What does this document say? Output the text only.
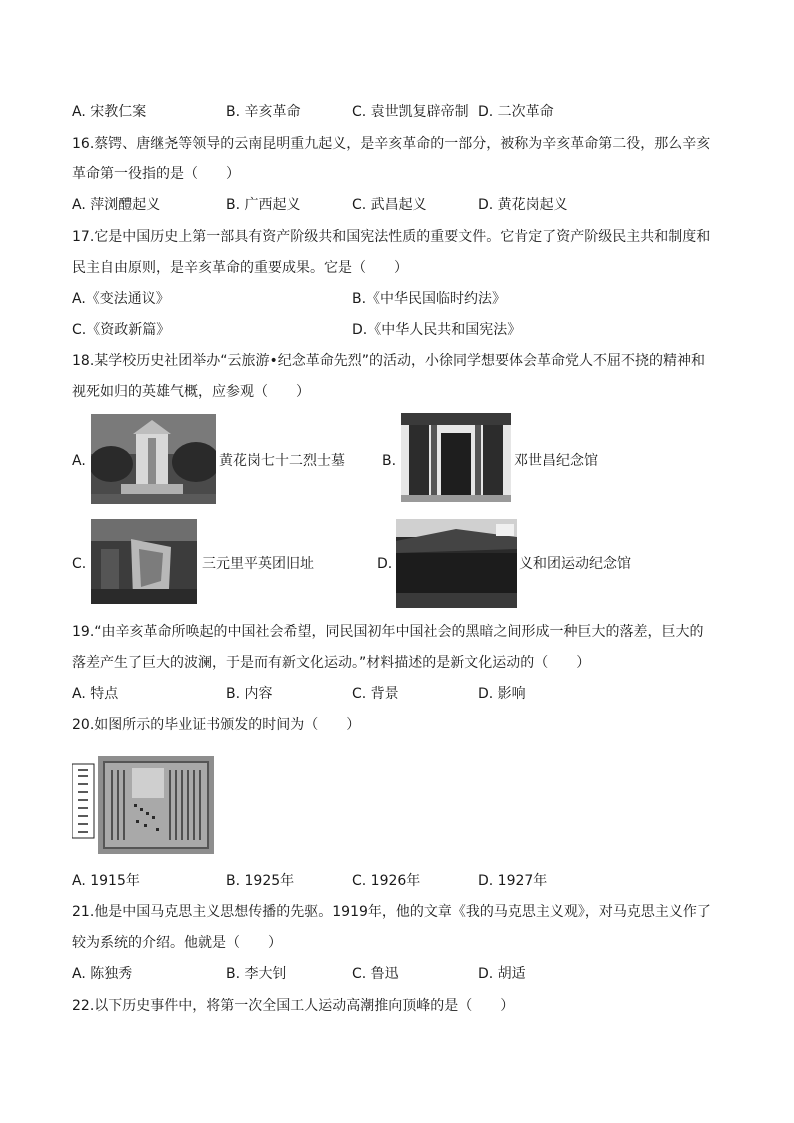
A. 宋教仁案	B. 辛亥革命	C. 袁世凯复辟帝制 D. 二次革命
16.蔡锷、唐继尧等领导的云南昆明重九起义，是辛亥革命的一部分，被称为辛亥革命第二役，那么辛亥
革命第一役指的是（　　）
A. 萍浏醴起义	B. 广西起义	C. 武昌起义	D. 黄花岗起义
17.它是中国历史上第一部具有资产阶级共和国宪法性质的重要文件。它肯定了资产阶级民主共和制度和
民主自由原则，是辛亥革命的重要成果。它是（　　）
A.《变法通议》	B.《中华民国临时约法》
C.《资政新篇》	D.《中华人民共和国宪法》
18.某学校历史社团举办“云旅游•纪念革命先烈”的活动，小徐同学想要体会革命党人不屈不挠的精神和
视死如归的英雄气概，应参观（　　）
A.	黄花岗七十二烈士墓	B.	邓世昌纪念馆
C.	三元里平英团旧址	D.	义和团运动纪念馆
19.“由辛亥革命所唤起的中国社会希望，同民国初年中国社会的黑暗之间形成一种巨大的落差，巨大的
落差产生了巨大的波澜，于是而有新文化运动。”材料描述的是新文化运动的（　　）
A. 特点	B. 内容	C. 背景	D. 影响
20.如图所示的毕业证书颁发的时间为（　　）
A. 1915年	B. 1925年	C. 1926年	D. 1927年
21.他是中国马克思主义思想传播的先驱。1919年，他的文章《我的马克思主义观》，对马克思主义作了
较为系统的介绍。他就是（　　）
A. 陈独秀	B. 李大钊	C. 鲁迅	D. 胡适
22.以下历史事件中，将第一次全国工人运动高潮推向顶峰的是（　　）
